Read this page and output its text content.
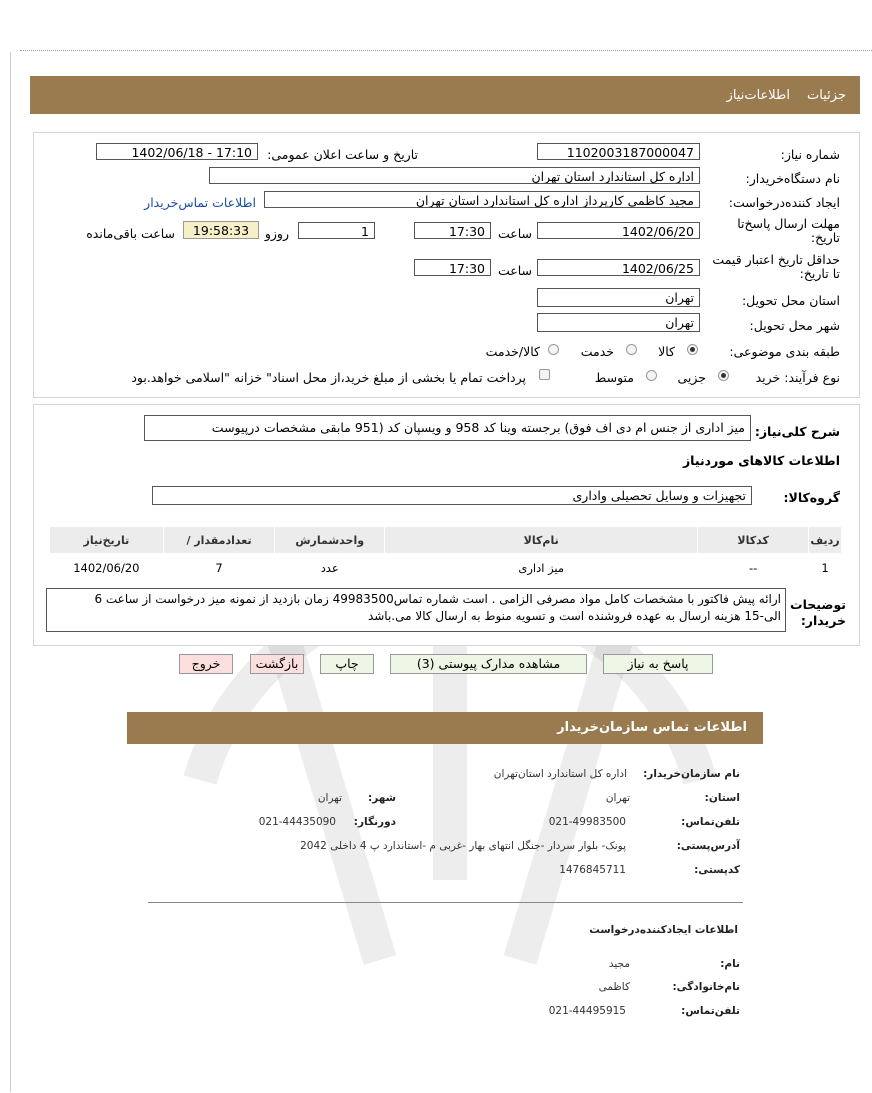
جزئيات
اطلاعات‌نیاز
شماره نیاز:
1102003187000047
تاریخ و ساعت اعلان عمومی:
1402/06/18 - 17:10
نام دستگاه‌خریدار:
اداره کل استاندارد استان تهران
ایجاد کننده‌درخواست:
مجید کاظمی کارپرداز اداره کل استاندارد استان تهران
اطلاعات تماس‌خریدار
مهلت ارسال پاسخ‌تا تاریخ:
1402/06/20
ساعت
17:30
1
روزو
19:58:33
ساعت باقی‌مانده
حداقل تاریخ اعتبار قیمت تا تاریخ:
1402/06/25
ساعت
17:30
استان محل تحویل:
تهران
شهر محل تحویل:
تهران
طبقه بندی موضوعی:
کالا
خدمت
کالا/خدمت
نوع فرآیند: خرید
جزیی
متوسط
پرداخت تمام یا بخشی از مبلغ خرید،از محل اسناد" خزانه "اسلامی خواهد.بود
شرح کلی‌نیاز:
میز اداری از جنس ام دی اف فوق) برجسته وینا کد 958 و ویسپان کد (951 مابقی مشخصات درپیوست
اطلاعات کالاهای موردنیاز
گروه‌کالا:
تجهیزات و وسایل تحصیلی واداری
ردیف	کدکالا	نام‌کالا	واحدشمارش	تعدادمقدار /	تاریخ‌نیاز
1	--	میز اداری	عدد	7	1402/06/20
توضیحات خریدار:
ارائه پیش فاکتور با مشخصات کامل مواد مصرفی الزامی . است شماره تماس49983500 زمان بازدید از نمونه میز درخواست از ساعت 6
الی-15 هزینه ارسال به عهده فروشنده است و تسویه منوط به ارسال کالا می.باشد
پاسخ به نیاز
مشاهده مدارک پیوستی (3)
چاپ
بازگشت
خروج
اطلاعات تماس سازمان‌خریدار
نام سازمان‌خریدار:
اداره کل استاندارد استان‌تهران
استان:
تهران
شهر:
تهران
تلفن‌تماس:
021-49983500
دورنگار:
021-44435090
آدرس‌پستی:
پونک- بلوار سردار -جنگل انتهای بهار -غربی م -استاندارد پ 4 داخلی 2042
کدپستی:
1476845711
اطلاعات ایجادکننده‌درخواست
نام:
مجید
نام‌خانوادگی:
کاظمی
تلفن‌تماس:
021-44495915
